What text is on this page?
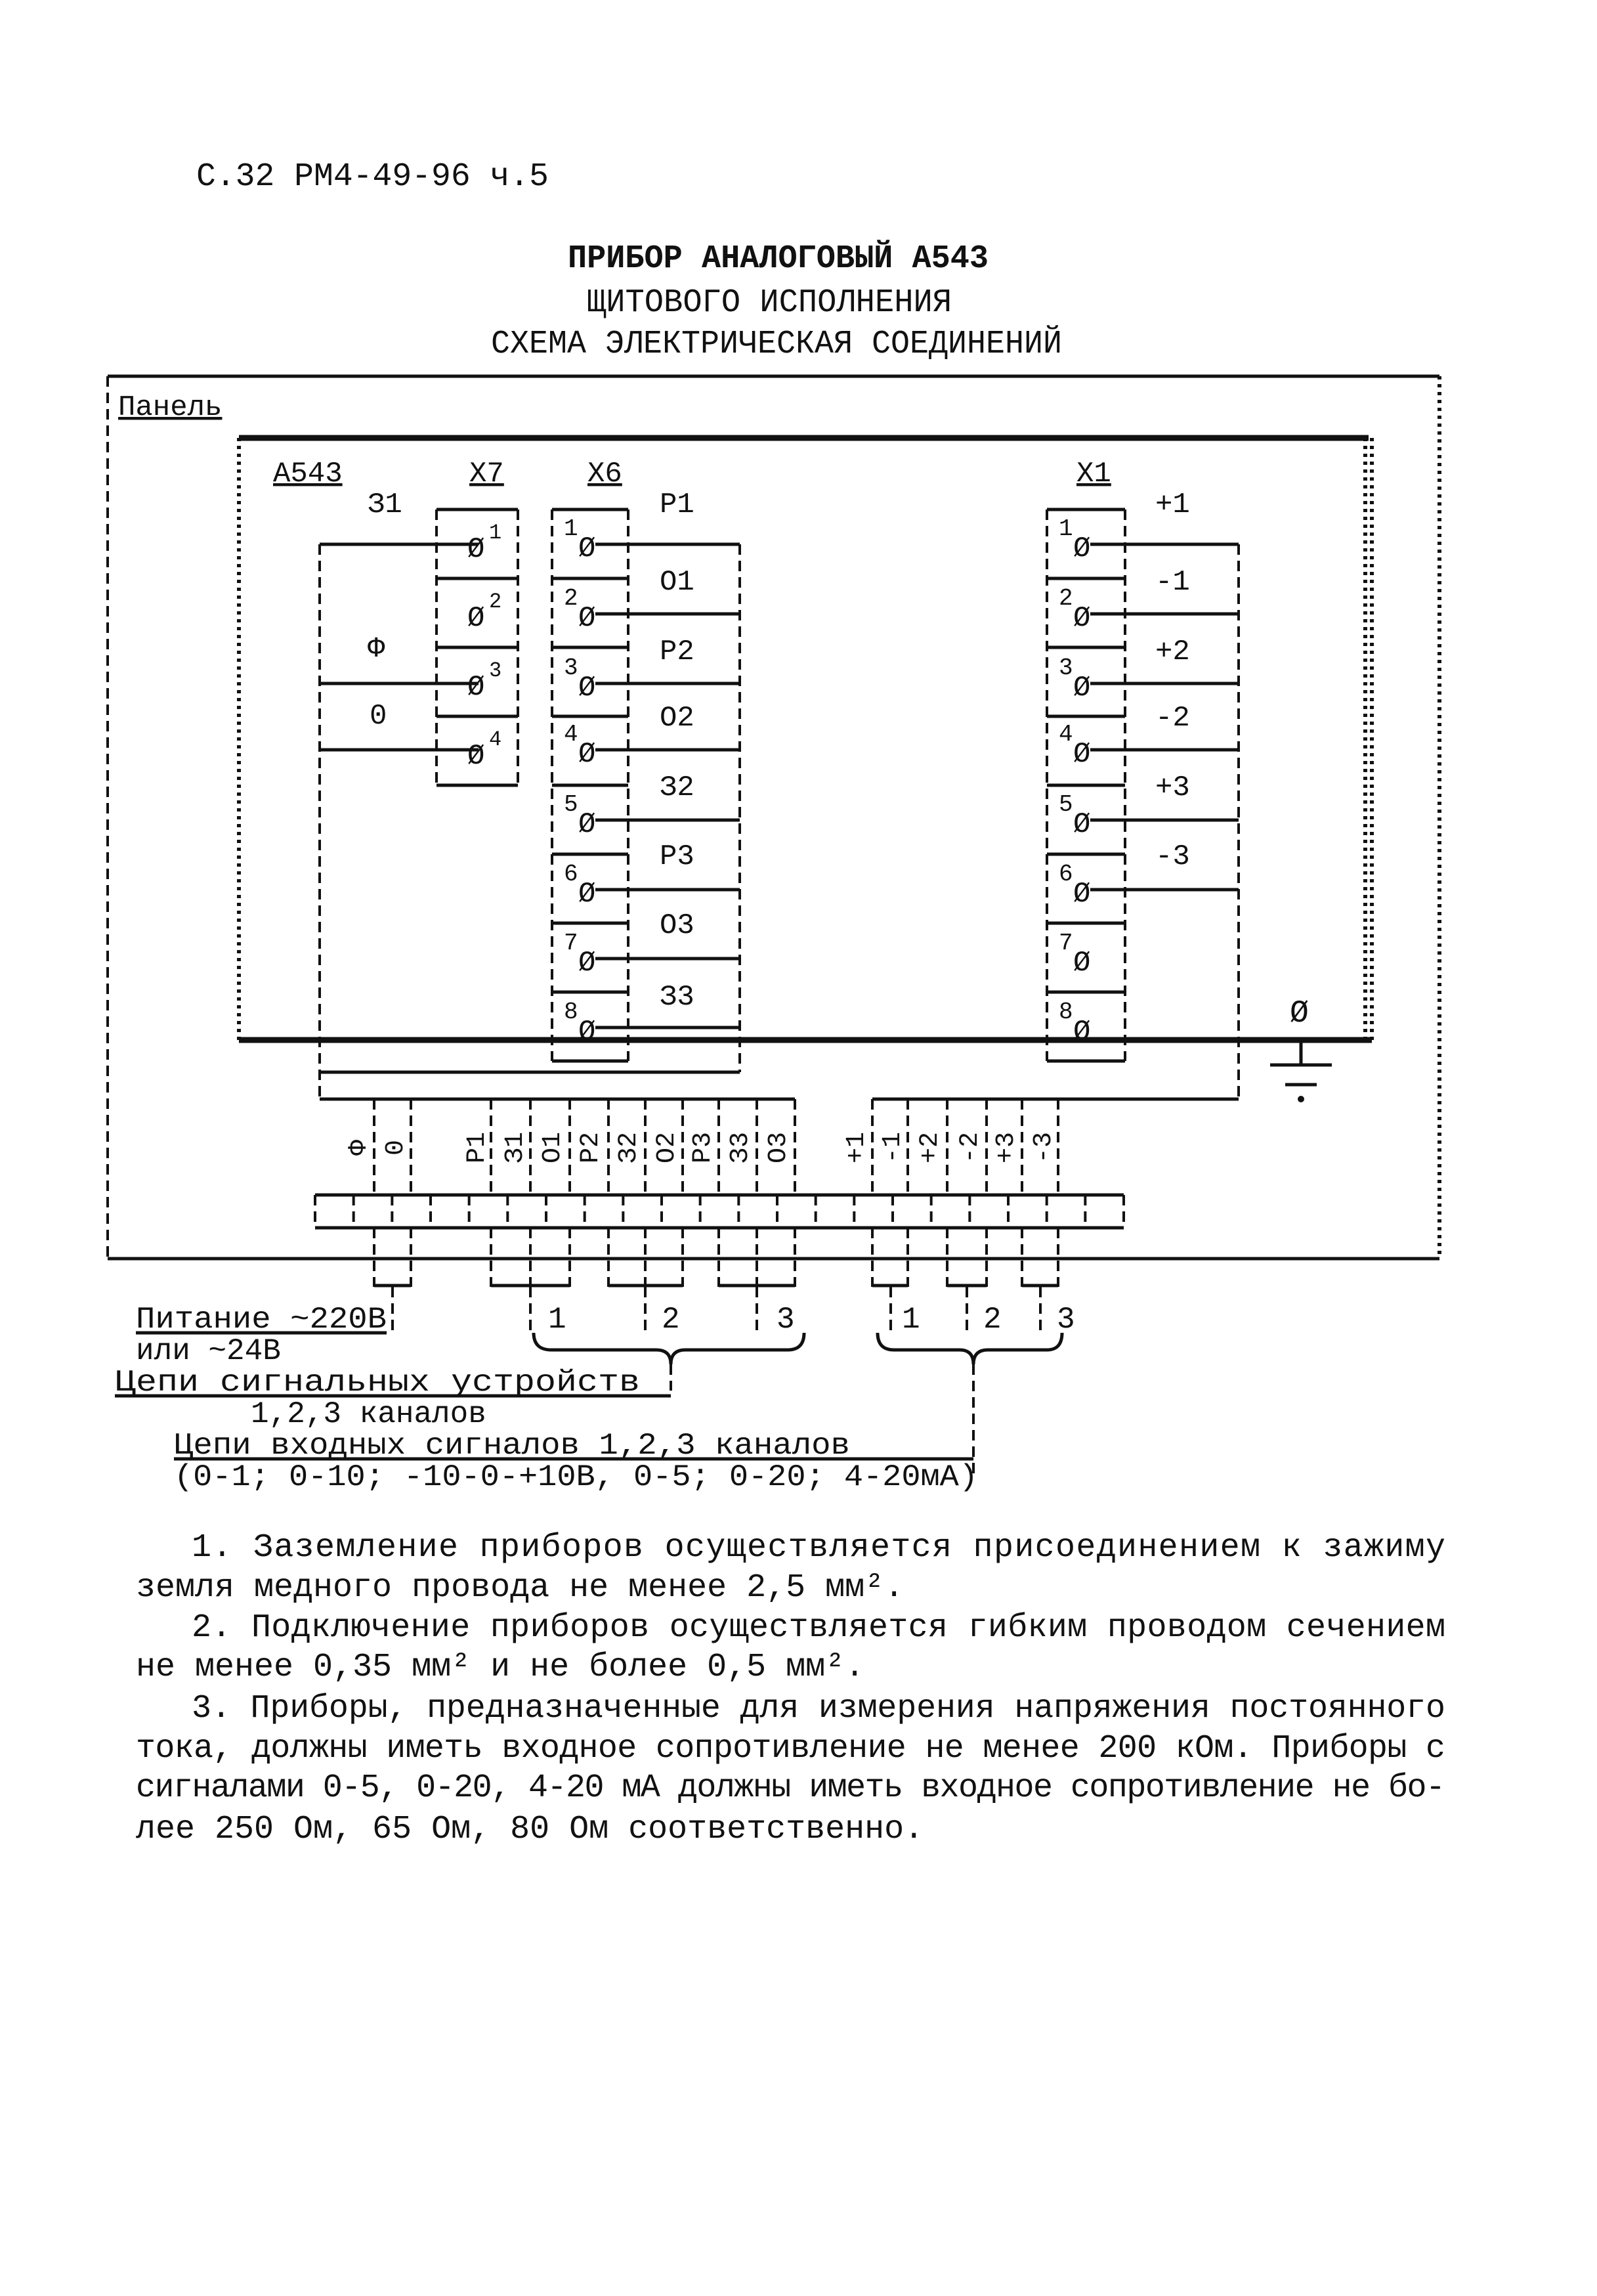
С.32 РМ4-49-96 ч.5
ПРИБОР АНАЛОГОВЫЙ А543
ЩИТОВОГО ИСПОЛНЕНИЯ
СХЕМА ЭЛЕКТРИЧЕСКАЯ СОЕДИНЕНИЙ
Панель
А543	Х7	Х6	Х1
З1
Ф
0
Ø
Ø
1
Ø
2
Ø
3
Ø
4
1
Ø
2
Ø
3
Ø
4
Ø
5
Ø
6
Ø
7
Ø
8
Ø
Р1
О1
Р2
О2
З2
Р3
О3
З3
1
Ø
2
Ø
3
Ø
4
Ø
5
Ø
6
Ø
7
Ø
8
Ø
+1
-1
+2
-2
+3
-3
Ф 0 Р1 З1 О1 Р2 З2 О2 Р3 З3 О3 +1 -1 +2 -2 +3 -3
1	2	3	1 2 3
Питание ~220В
или ~24В
Цепи сигнальных устройств
1,2,3 каналов
Цепи входных сигналов 1,2,3 каналов
(0-1; 0-10; -10-0-+10В, 0-5; 0-20; 4-20мА)
1. Заземление приборов осуществляется присоединением к зажиму
земля медного провода не менее 2,5 мм².
2. Подключение приборов осуществляется гибким проводом сечением
не менее 0,35 мм² и не более 0,5 мм².
3. Приборы, предназначенные для измерения напряжения постоянного
тока, должны иметь входное сопротивление не менее 200 кОм. Приборы с
сигналами 0-5, 0-20, 4-20 мА должны иметь входное сопротивление не бо-
лее 250 Ом, 65 Ом, 80 Ом соответственно.
